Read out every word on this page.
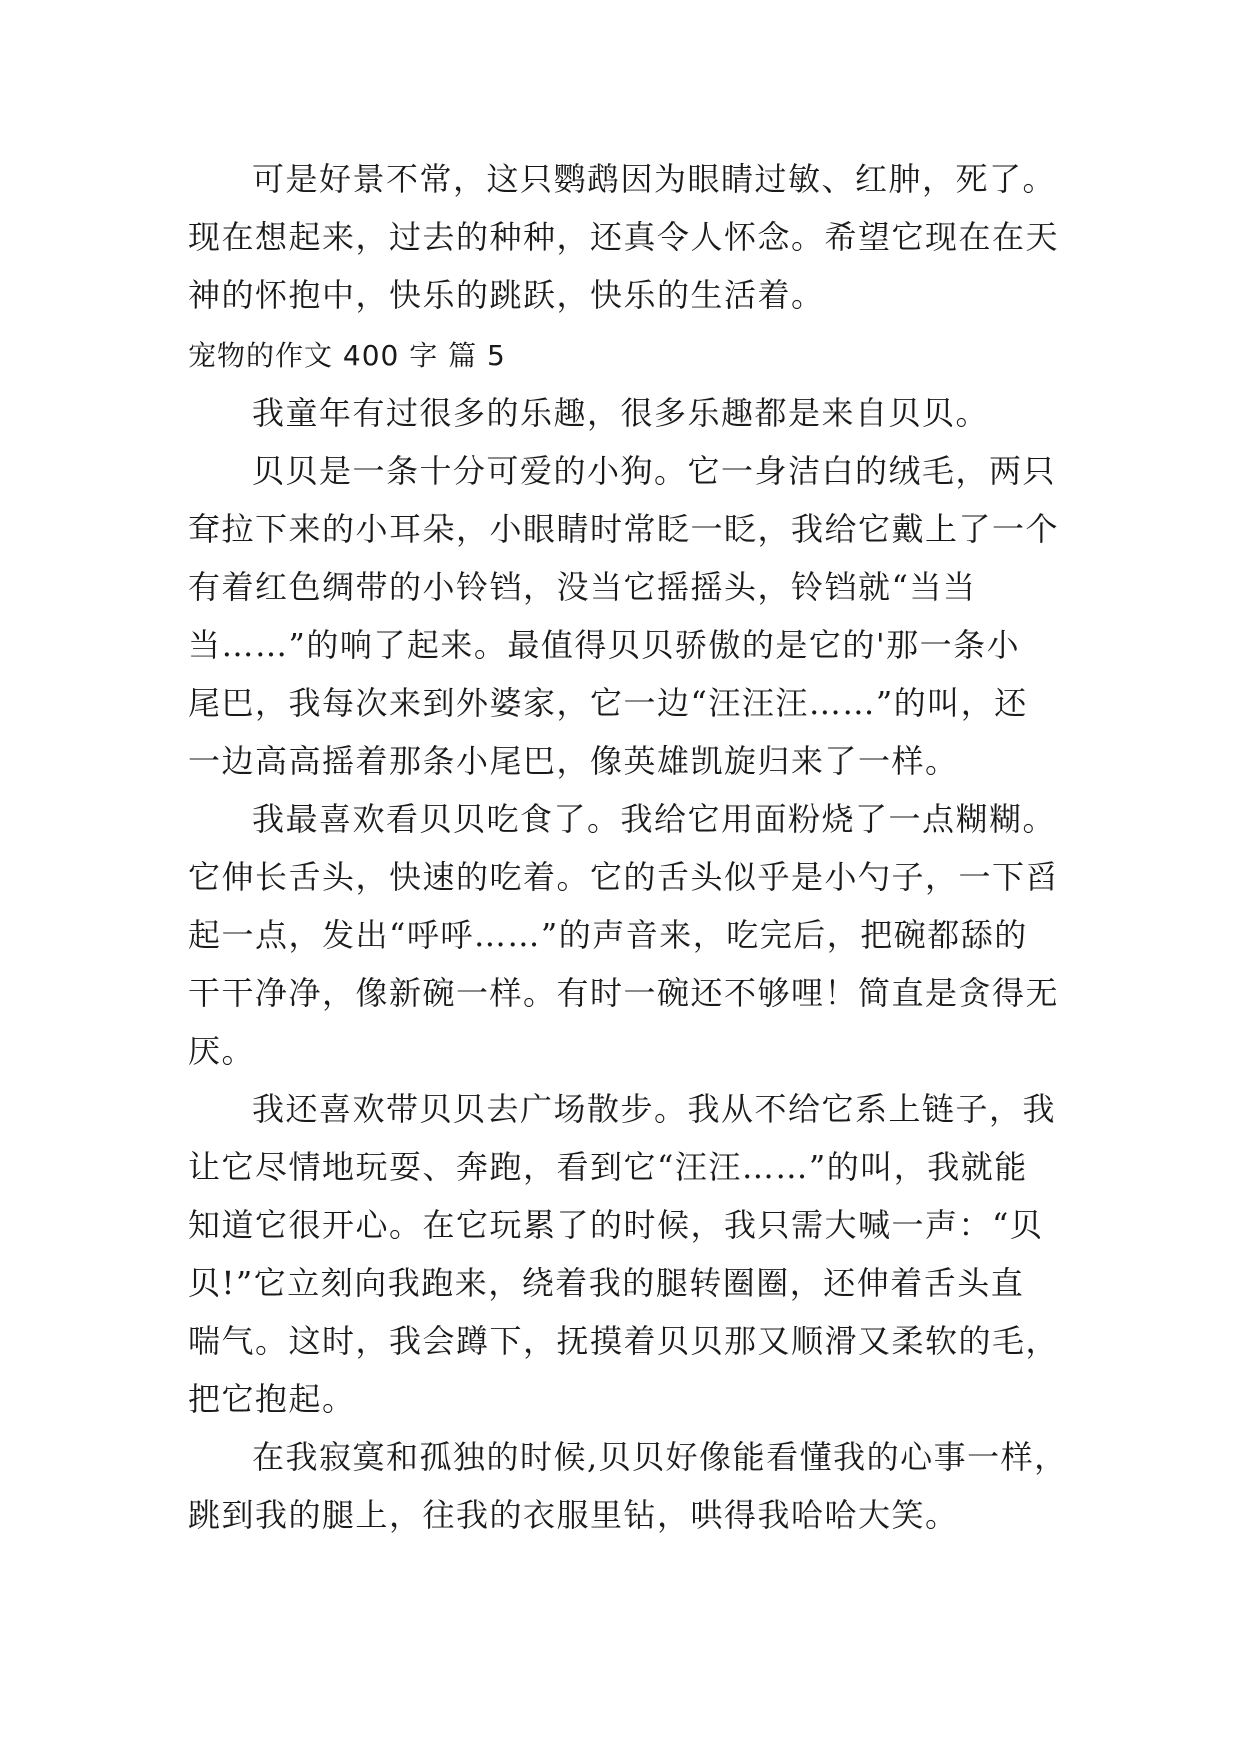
可是好景不常，这只鹦鹉因为眼睛过敏、红肿，死了。
现在想起来，过去的种种，还真令人怀念。希望它现在在天
神的怀抱中，快乐的跳跃，快乐的生活着。
宠物的作文 400 字 篇 5
我童年有过很多的乐趣，很多乐趣都是来自贝贝。
贝贝是一条十分可爱的小狗。它一身洁白的绒毛，两只
耷拉下来的小耳朵，小眼睛时常眨一眨，我给它戴上了一个
有着红色绸带的小铃铛，没当它摇摇头，铃铛就“当当
当……”的响了起来。最值得贝贝骄傲的是它的'那一条小
尾巴，我每次来到外婆家，它一边“汪汪汪……”的叫，还
一边高高摇着那条小尾巴，像英雄凯旋归来了一样。
我最喜欢看贝贝吃食了。我给它用面粉烧了一点糊糊。
它伸长舌头，快速的吃着。它的舌头似乎是小勺子，一下舀
起一点，发出“呼呼……”的声音来，吃完后，把碗都舔的
干干净净，像新碗一样。有时一碗还不够哩！简直是贪得无
厌。
我还喜欢带贝贝去广场散步。我从不给它系上链子，我
让它尽情地玩耍、奔跑，看到它“汪汪……”的叫，我就能
知道它很开心。在它玩累了的时候，我只需大喊一声：“贝
贝!”它立刻向我跑来，绕着我的腿转圈圈，还伸着舌头直
喘气。这时，我会蹲下，抚摸着贝贝那又顺滑又柔软的毛，
把它抱起。
在我寂寞和孤独的时候,贝贝好像能看懂我的心事一样，
跳到我的腿上，往我的衣服里钻，哄得我哈哈大笑。
